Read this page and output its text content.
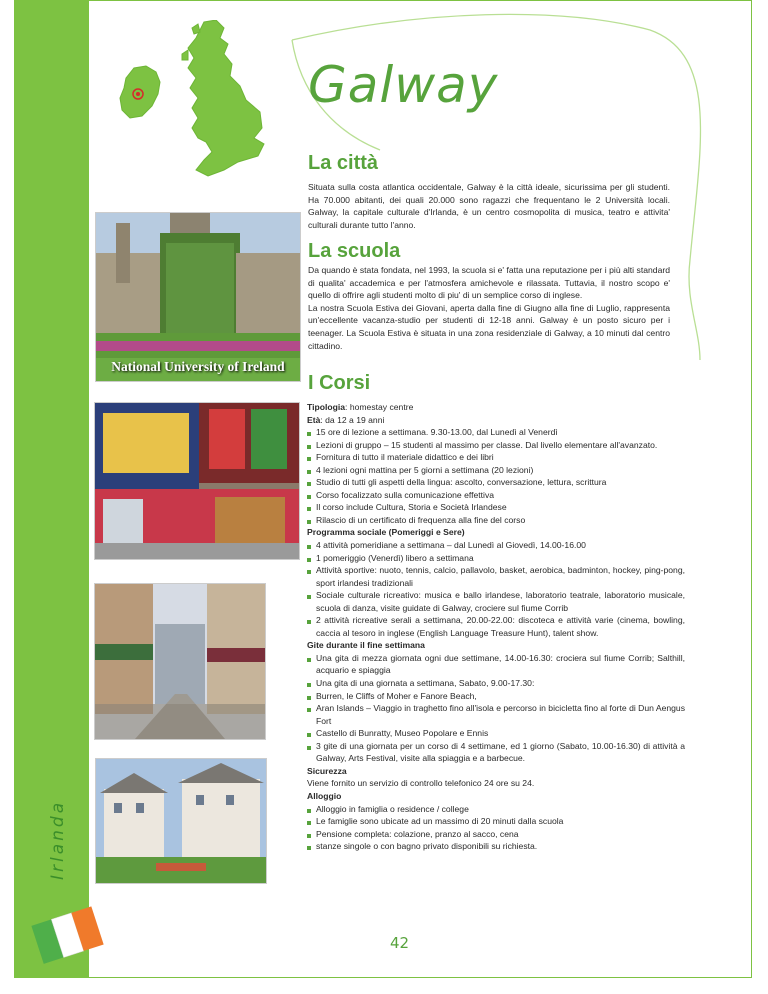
Galway
La città

Situata sulla costa atlantica occidentale, Galway è la città ideale, sicurissima per gli studenti. Ha 70.000 abitanti, dei quali 20.000 sono ragazzi che frequentano le 2 Università locali. Galway, la capitale culturale d'Irlanda, è un centro cosmopolita di musica, teatro e attivita' culturali durante tutto l'anno.

La scuola

Da quando è stata fondata, nel 1993, la scuola si e' fatta una reputazione per i più alti standard di qualita' accademica e per l'atmosfera amichevole e rilassata. Tuttavia, il nostro scopo e' quello di offrire agli studenti molto di piu' di un semplice corso di inglese.

La nostra Scuola Estiva dei Giovani, aperta dalla fine di Giugno alla fine di Luglio, rappresenta un'eccellente vacanza-studio per studenti di 12-18 anni. Galway è un posto sicuro per i teenager. La Scuola Estiva è situata in una zona residenziale di Galway, a 10 minuti dal centro cittadino.

I Corsi
National University of Ireland
Tipologia: homestay centre
Età: da 12 a 19 anni
15 ore di lezione a settimana. 9.30-13.00, dal Lunedì al Venerdì
Lezioni di gruppo – 15 studenti al massimo per classe. Dal livello elementare all'avanzato.
Fornitura di tutto il materiale didattico e dei libri
4 lezioni ogni mattina per 5 giorni a settimana (20 lezioni)
Studio di tutti gli aspetti della lingua: ascolto, conversazione, lettura, scrittura
Corso focalizzato sulla comunicazione effettiva
Il corso include Cultura, Storia e Società Irlandese
Rilascio di un certificato di frequenza alla fine del corso
Programma sociale (Pomeriggi e Sere)
4 attività pomeridiane a settimana – dal Lunedì al Giovedì, 14.00-16.00
1 pomeriggio (Venerdì) libero a settimana
Attività sportive: nuoto, tennis, calcio, pallavolo, basket, aerobica, badminton, hockey, ping-pong, sport irlandesi tradizionali
Sociale culturale ricreativo: musica e ballo irlandese, laboratorio teatrale, laboratorio musicale, scuola di danza, visite guidate di Galway, crociere sul fiume Corrib
2 attività ricreative serali a settimana, 20.00-22.00: discoteca e attività varie (cinema, bowling, caccia al tesoro in inglese (English Language Treasure Hunt), talent show.
Gite durante il fine settimana
Una gita di mezza giornata ogni due settimane, 14.00-16.30: crociera sul fiume Corrib; Salthill, acquario e spiaggia
Una gita di una giornata a settimana, Sabato, 9.00-17.30:
Burren, le Cliffs of Moher e Fanore Beach,
Aran Islands – Viaggio in traghetto fino all'isola e percorso in bicicletta fino al forte di Dun Aengus Fort
Castello di Bunratty, Museo Popolare e Ennis
3 gite di una giornata per un corso di 4 settimane, ed 1 giorno (Sabato, 10.00-16.30) di attività a Galway, Arts Festival, visite alla spiaggia e a barbecue.
Sicurezza
Viene fornito un servizio di controllo telefonico 24 ore su 24.
Alloggio
Alloggio in famiglia o residence / college
Le famiglie sono ubicate ad un massimo di 20 minuti dalla scuola
Pensione completa: colazione, pranzo al sacco, cena
stanze singole o con bagno privato disponibili su richiesta.
Irlanda
42
